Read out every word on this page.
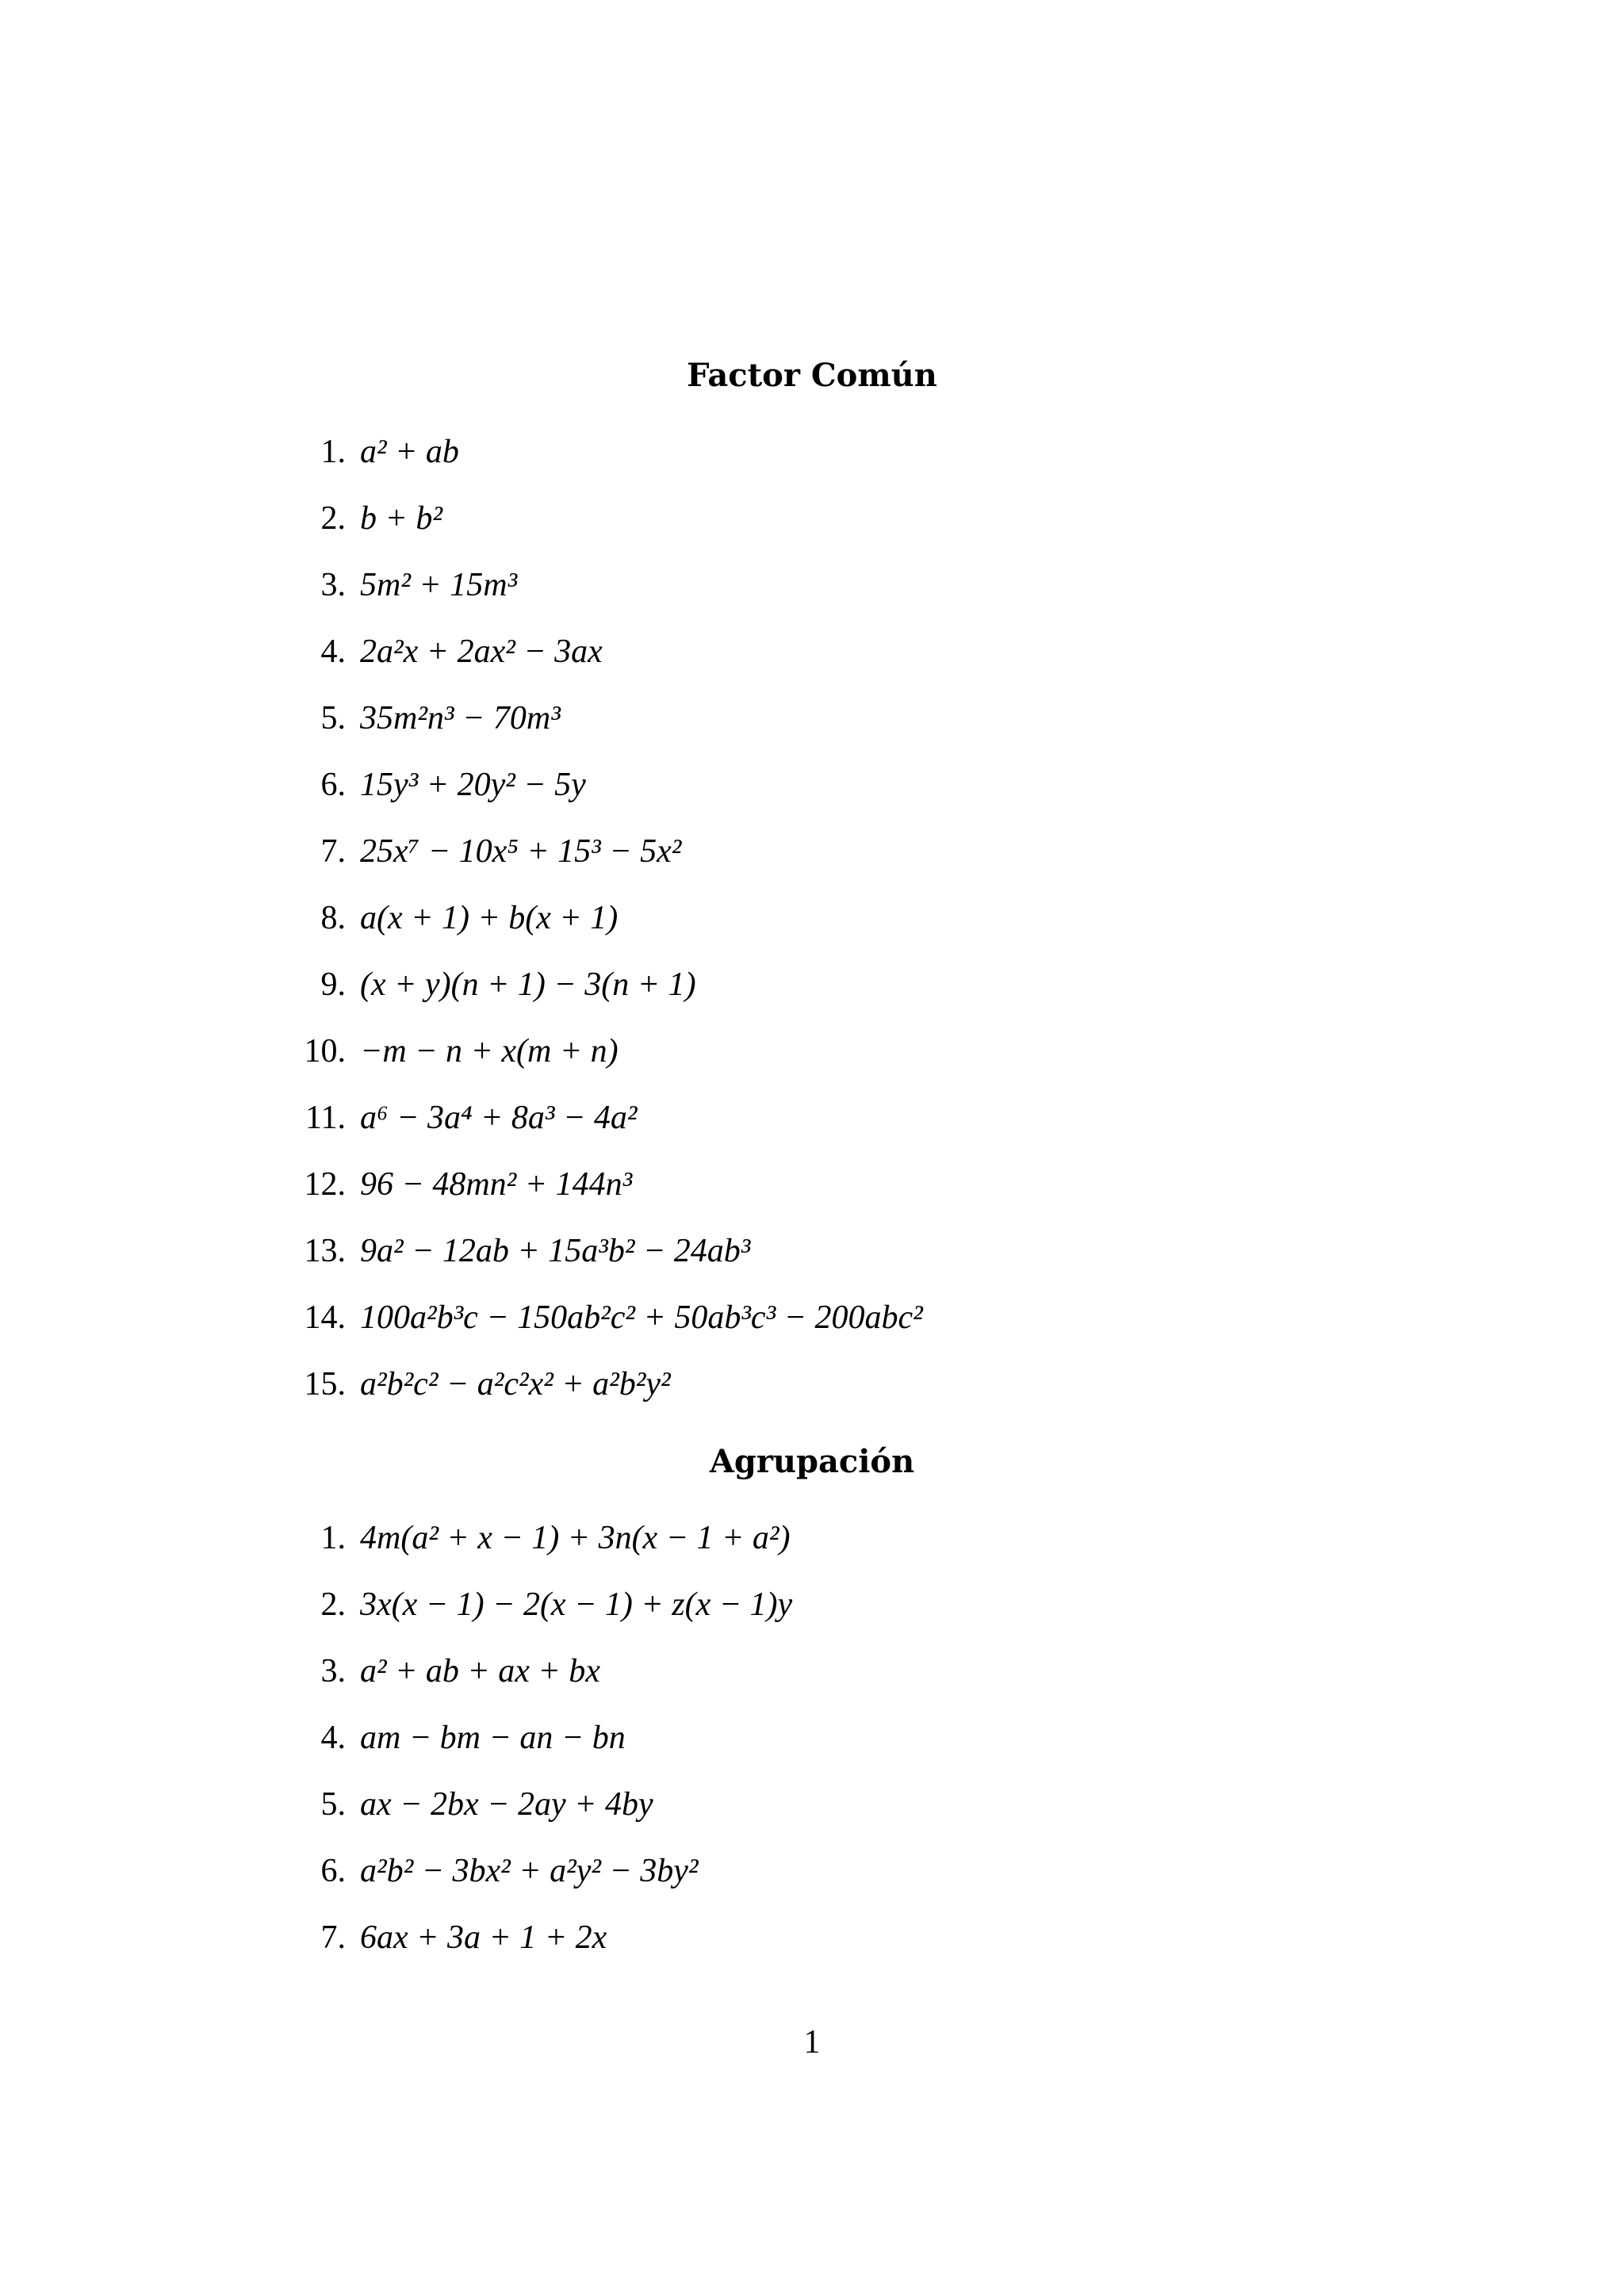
Factor Común
1. a² + ab
2. b + b²
3. 5m² + 15m³
4. 2a²x + 2ax² − 3ax
5. 35m²n³ − 70m³
6. 15y³ + 20y² − 5y
7. 25x⁷ − 10x⁵ + 15³ − 5x²
8. a(x + 1) + b(x + 1)
9. (x + y)(n + 1) − 3(n + 1)
10. −m − n + x(m + n)
11. a⁶ − 3a⁴ + 8a³ − 4a²
12. 96 − 48mn² + 144n³
13. 9a² − 12ab + 15a³b² − 24ab³
14. 100a²b³c − 150ab²c² + 50ab³c³ − 200abc²
15. a²b²c² − a²c²x² + a²b²y²
Agrupación
1. 4m(a² + x − 1) + 3n(x − 1 + a²)
2. 3x(x − 1) − 2(x − 1) + z(x − 1)y
3. a² + ab + ax + bx
4. am − bm − an − bn
5. ax − 2bx − 2ay + 4by
6. a²b² − 3bx² + a²y² − 3by²
7. 6ax + 3a + 1 + 2x
1
